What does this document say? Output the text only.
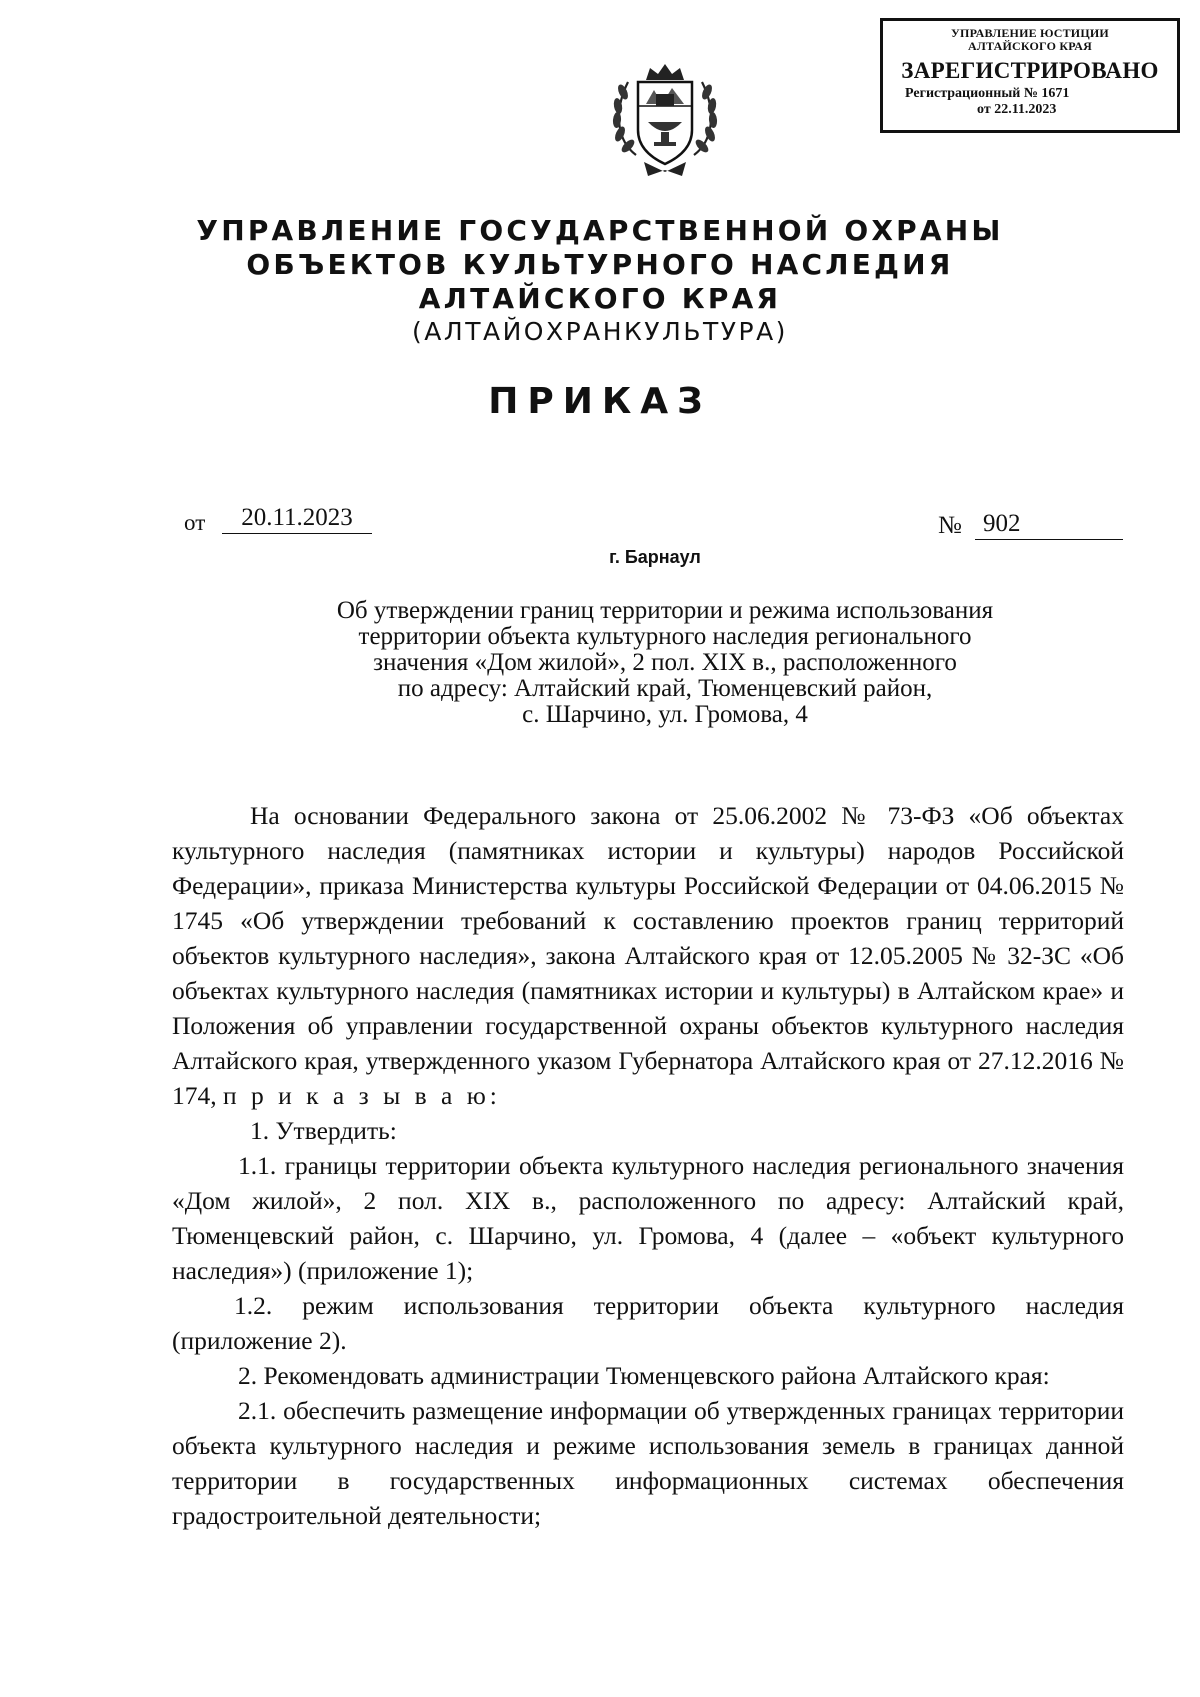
УПРАВЛЕНИЕ ЮСТИЦИИ
АЛТАЙСКОГО КРАЯ
ЗАРЕГИСТРИРОВАНО
Регистрационный № 1671
от 22.11.2023
УПРАВЛЕНИЕ ГОСУДАРСТВЕННОЙ ОХРАНЫ
ОБЪЕКТОВ КУЛЬТУРНОГО НАСЛЕДИЯ
АЛТАЙСКОГО КРАЯ
(АЛТАЙОХРАНКУЛЬТУРА)
ПРИКАЗ
от	20.11.2023	№ 902
г. Барнаул
Об утверждении границ территории и режима использования
территории объекта культурного наследия регионального
значения «Дом жилой», 2 пол. XIX в., расположенного
по адресу: Алтайский край, Тюменцевский район,
с. Шарчино, ул. Громова, 4

На основании Федерального закона от 25.06.2002 № 73-ФЗ «Об объектах культурного наследия (памятниках истории и культуры) народов Российской Федерации», приказа Министерства культуры Российской Федерации от 04.06.2015 № 1745 «Об утверждении требований к составлению проектов границ территорий объектов культурного наследия», закона Алтайского края от 12.05.2005 № 32-ЗС «Об объектах культурного наследия (памятниках истории и культуры) в Алтайском крае» и Положения об управлении государственной охраны объектов культурного наследия Алтайского края, утвержденного указом Губернатора Алтайского края от 27.12.2016 № 174, п р и к а з ы в а ю:

1. Утвердить:

1.1. границы территории объекта культурного наследия регионального значения «Дом жилой», 2 пол. XIX в., расположенного по адресу: Алтайский край, Тюменцевский район, с. Шарчино, ул. Громова, 4 (далее – «объект культурного наследия») (приложение 1);

1.2. режим использования территории объекта культурного наследия (приложение 2).

2. Рекомендовать администрации Тюменцевского района Алтайского края:

2.1. обеспечить размещение информации об утвержденных границах территории объекта культурного наследия и режиме использования земель в границах данной территории в государственных информационных системах обеспечения градостроительной деятельности;
